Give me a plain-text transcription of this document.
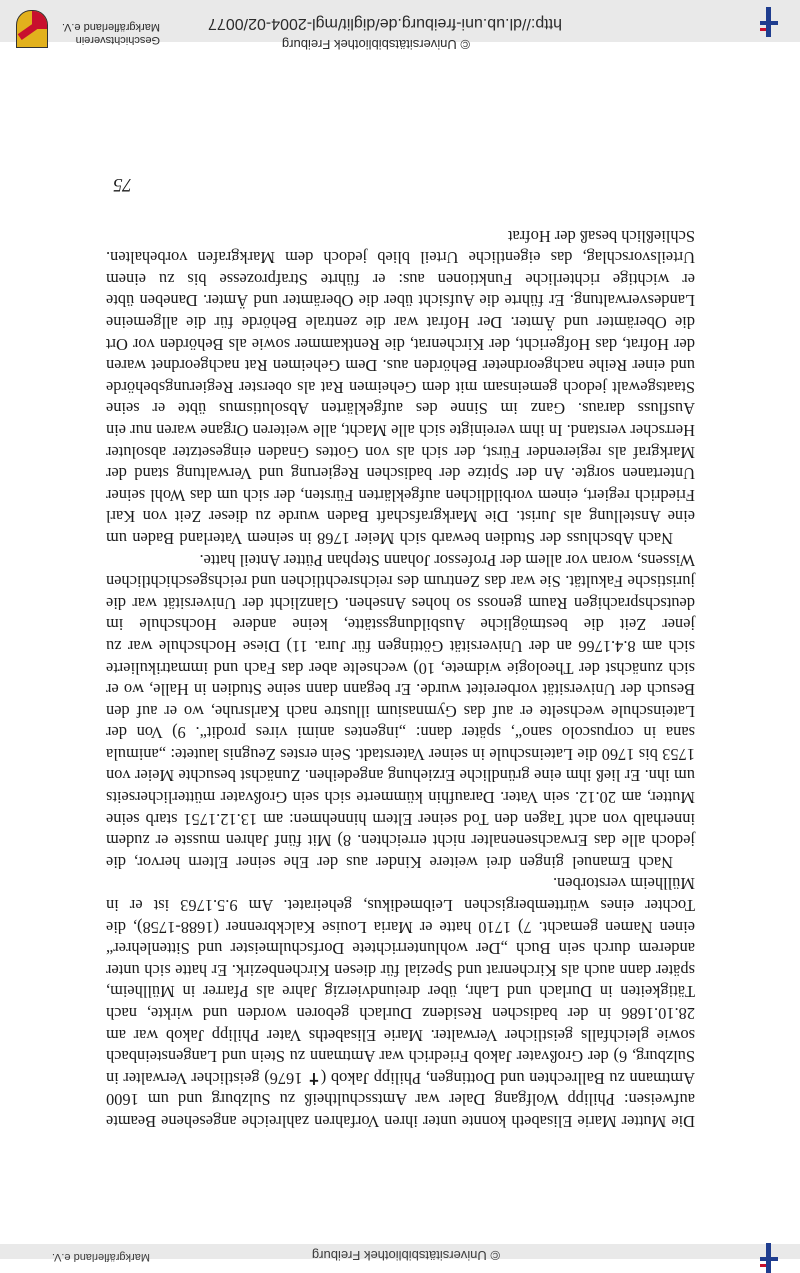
http://dl.ub.uni-freiburg.de/diglit/mgl-2004-02/0077
© Universitätsbibliothek Freiburg
Geschichtsverein
Markgräflerland e.V.
© Universitätsbibliothek Freiburg
Markgräflerland e.V.
75

Die Mutter Marie Elisabeth konnte unter ihren Vorfahren zahlreiche angesehene Beamte aufweisen: Philipp Wolfgang Daler war Amtsschultheiß zu Sulzburg und um 1600 Amtmann zu Ballrechten und Dottingen, Philipp Jakob (✝ 1676) geistlicher Verwalter in Sulzburg, 6) der Großvater Jakob Friedrich war Amtmann zu Stein und Langensteinbach sowie gleichfalls geistlicher Verwalter. Marie Elisabeths Vater Philipp Jakob war am 28.10.1686 in der badischen Residenz Durlach geboren worden und wirkte, nach Tätigkeiten in Durlach und Lahr, über dreiundvierzig Jahre als Pfarrer in Müllheim, später dann auch als Kirchenrat und Spezial für diesen Kirchenbezirk. Er hatte sich unter anderem durch sein Buch „Der wohlunterrichtete Dorfschulmeister und Sittenlehrer“ einen Namen gemacht. 7) 1710 hatte er Maria Louise Kalckbrenner (1688-1758), die Tochter eines württembergischen Leibmedikus, geheiratet. Am 9.5.1763 ist er in Müllheim verstorben.

Nach Emanuel gingen drei weitere Kinder aus der Ehe seiner Eltern hervor, die jedoch alle das Erwachsenenalter nicht erreichten. 8) Mit fünf Jahren musste er zudem innerhalb von acht Tagen den Tod seiner Eltern hinnehmen: am 13.12.1751 starb seine Mutter, am 20.12. sein Vater. Daraufhin kümmerte sich sein Großvater mütterlicherseits um ihn. Er ließ ihm eine gründliche Erziehung angedeihen. Zunächst besuchte Meier von 1753 bis 1760 die Lateinschule in seiner Vaterstadt. Sein erstes Zeugnis lautete: „animula sana in corpuscolo sano“, später dann: „ingentes animi vires prodit“. 9) Von der Lateinschule wechselte er auf das Gymnasium illustre nach Karlsruhe, wo er auf den Besuch der Universität vorbereitet wurde. Er begann dann seine Studien in Halle, wo er sich zunächst der Theologie widmete, 10) wechselte aber das Fach und immatrikulierte sich am 8.4.1766 an der Universität Göttingen für Jura. 11) Diese Hochschule war zu jener Zeit die bestmögliche Ausbildungsstätte, keine andere Hochschule im deutschsprachigen Raum genoss so hohes Ansehen. Glanzlicht der Universität war die juristische Fakultät. Sie war das Zentrum des reichsrechtlichen und reichsgeschichtlichen Wissens, woran vor allem der Professor Johann Stephan Pütter Anteil hatte.

Nach Abschluss der Studien bewarb sich Meier 1768 in seinem Vaterland Baden um eine Anstellung als Jurist. Die Markgrafschaft Baden wurde zu dieser Zeit von Karl Friedrich regiert, einem vorbildlichen aufgeklärten Fürsten, der sich um das Wohl seiner Untertanen sorgte. An der Spitze der badischen Regierung und Verwaltung stand der Markgraf als regierender Fürst, der sich als von Gottes Gnaden eingesetzter absoluter Herrscher verstand. In ihm vereinigte sich alle Macht, alle weiteren Organe waren nur ein Ausfluss daraus. Ganz im Sinne des aufgeklärten Absolutismus übte er seine Staatsgewalt jedoch gemeinsam mit dem Geheimen Rat als oberster Regierungsbehörde und einer Reihe nachgeordneter Behörden aus. Dem Geheimen Rat nachgeordnet waren der Hofrat, das Hofgericht, der Kirchenrat, die Rentkammer sowie als Behörden vor Ort die Oberämter und Ämter. Der Hofrat war die zentrale Behörde für die allgemeine Landesverwaltung. Er führte die Aufsicht über die Oberämter und Ämter. Daneben übte er wichtige richterliche Funktionen aus: er führte Strafprozesse bis zu einem Urteilsvorschlag, das eigentliche Urteil blieb jedoch dem Markgrafen vorbehalten. Schließlich besaß der Hofrat
